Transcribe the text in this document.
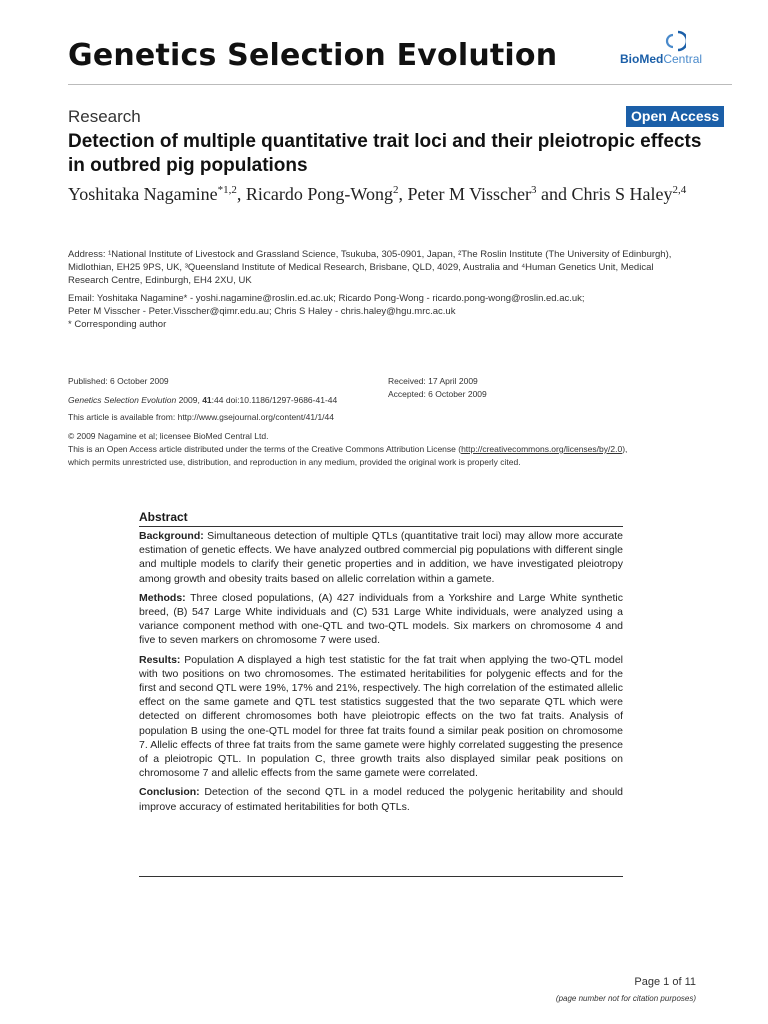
Genetics Selection Evolution	BioMedCentral
Research	Open Access
Detection of multiple quantitative trait loci and their pleiotropic effects in outbred pig populations
Yoshitaka Nagamine$^{*1,2}$, Ricardo Pong-Wong$^2$, Peter M Visscher$^3$ and Chris S Haley$^{2,4}$
Address: ¹National Institute of Livestock and Grassland Science, Tsukuba, 305-0901, Japan, ²The Roslin Institute (The University of Edinburgh), Midlothian, EH25 9PS, UK, ³Queensland Institute of Medical Research, Brisbane, QLD, 4029, Australia and ⁴Human Genetics Unit, Medical Research Centre, Edinburgh, EH4 2XU, UK
Email: Yoshitaka Nagamine* - yoshi.nagamine@roslin.ed.ac.uk; Ricardo Pong-Wong - ricardo.pong-wong@roslin.ed.ac.uk;
Peter M Visscher - Peter.Visscher@qimr.edu.au; Chris S Haley - chris.haley@hgu.mrc.ac.uk
* Corresponding author
Published: 6 October 2009
Genetics Selection Evolution 2009, 41:44 doi:10.1186/1297-9686-41-44
This article is available from: http://www.gsejournal.org/content/41/1/44
Received: 17 April 2009
Accepted: 6 October 2009
© 2009 Nagamine et al; licensee BioMed Central Ltd.
This is an Open Access article distributed under the terms of the Creative Commons Attribution License (http://creativecommons.org/licenses/by/2.0),
which permits unrestricted use, distribution, and reproduction in any medium, provided the original work is properly cited.
Abstract

Background: Simultaneous detection of multiple QTLs (quantitative trait loci) may allow more accurate estimation of genetic effects. We have analyzed outbred commercial pig populations with different single and multiple models to clarify their genetic properties and in addition, we have investigated pleiotropy among growth and obesity traits based on allelic correlation within a gamete.

Methods: Three closed populations, (A) 427 individuals from a Yorkshire and Large White synthetic breed, (B) 547 Large White individuals and (C) 531 Large White individuals, were analyzed using a variance component method with one-QTL and two-QTL models. Six markers on chromosome 4 and five to seven markers on chromosome 7 were used.

Results: Population A displayed a high test statistic for the fat trait when applying the two-QTL model with two positions on two chromosomes. The estimated heritabilities for polygenic effects and for the first and second QTL were 19%, 17% and 21%, respectively. The high correlation of the estimated allelic effect on the same gamete and QTL test statistics suggested that the two separate QTL which were detected on different chromosomes both have pleiotropic effects on the two fat traits. Analysis of population B using the one-QTL model for three fat traits found a similar peak position on chromosome 7. Allelic effects of three fat traits from the same gamete were highly correlated suggesting the presence of a pleiotropic QTL. In population C, three growth traits also displayed similar peak positions on chromosome 7 and allelic effects from the same gamete were correlated.

Conclusion: Detection of the second QTL in a model reduced the polygenic heritability and should improve accuracy of estimated heritabilities for both QTLs.

Page 1 of 11
(page number not for citation purposes)
